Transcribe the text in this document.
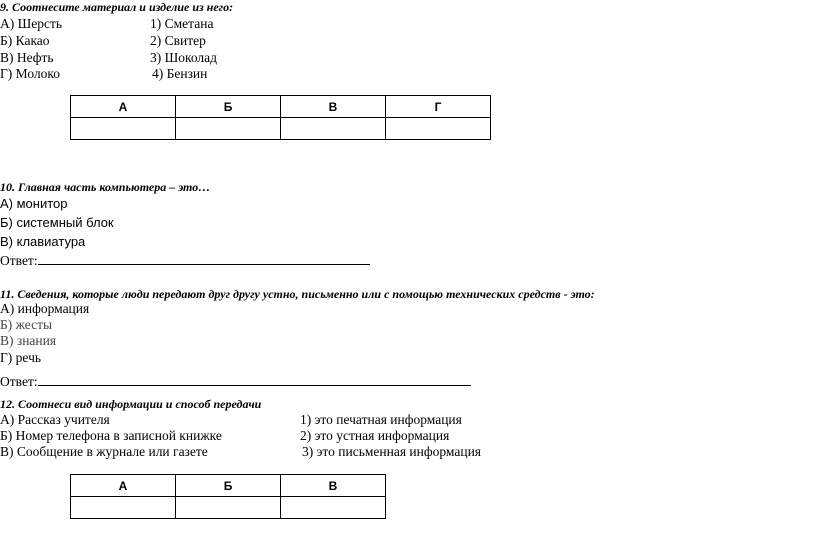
9. Соотнесите материал и изделие из него:
А) Шерсть	1) Сметана
Б) Какао	2) Свитер
В) Нефть	3) Шоколад
Г) Молоко	4) Бензин
А	Б	В	Г

10. Главная часть компьютера – это…
А) монитор
Б) системный блок
В) клавиатура
Ответ:
11. Сведения, которые люди передают друг другу устно, письменно или с помощью технических средств - это:
А) информация
Б) жесты
В) знания
Г) речь
Ответ:
12. Соотнеси вид информации и способ передачи
А) Рассказ учителя	1) это печатная информация
Б) Номер телефона в записной книжке	2) это устная информация
В) Сообщение в журнале или газете	3) это письменная информация
А	Б	В
